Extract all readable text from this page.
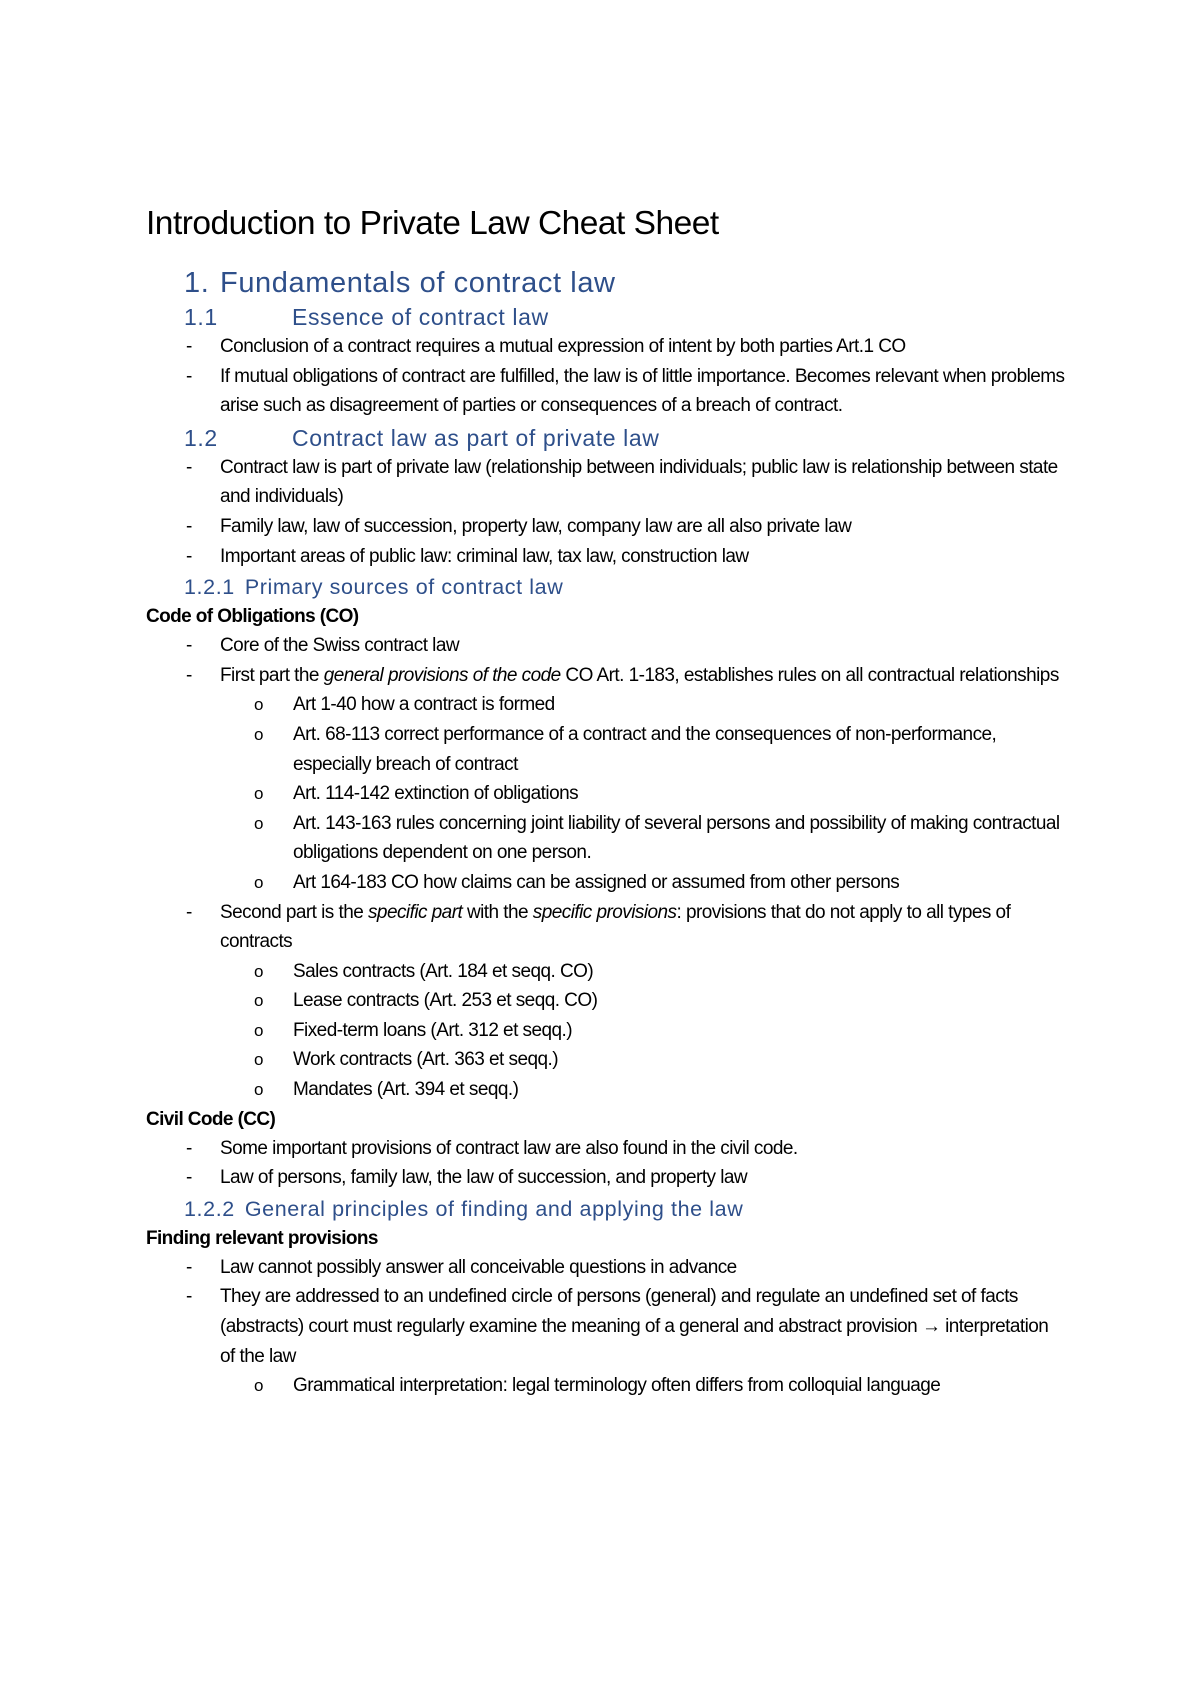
Introduction to Private Law Cheat Sheet
1. Fundamentals of contract law
1.1	Essence of contract law
- Conclusion of a contract requires a mutual expression of intent by both parties Art.1 CO
- If mutual obligations of contract are fulfilled, the law is of little importance. Becomes relevant when problems arise such as disagreement of parties or consequences of a breach of contract.
1.2	Contract law as part of private law
- Contract law is part of private law (relationship between individuals; public law is relationship between state and individuals)
- Family law, law of succession, property law, company law are all also private law
- Important areas of public law: criminal law, tax law, construction law
1.2.1 Primary sources of contract law
Code of Obligations (CO)
- Core of the Swiss contract law
- First part the general provisions of the code CO Art. 1-183, establishes rules on all contractual relationships
o Art 1-40 how a contract is formed
o Art. 68-113 correct performance of a contract and the consequences of non-performance, especially breach of contract
o Art. 114-142 extinction of obligations
o Art. 143-163 rules concerning joint liability of several persons and possibility of making contractual obligations dependent on one person.
o Art 164-183 CO how claims can be assigned or assumed from other persons
- Second part is the specific part with the specific provisions: provisions that do not apply to all types of contracts
o Sales contracts (Art. 184 et seqq. CO)
o Lease contracts (Art. 253 et seqq. CO)
o Fixed-term loans (Art. 312 et seqq.)
o Work contracts (Art. 363 et seqq.)
o Mandates (Art. 394 et seqq.)
Civil Code (CC)
- Some important provisions of contract law are also found in the civil code.
- Law of persons, family law, the law of succession, and property law
1.2.2 General principles of finding and applying the law
Finding relevant provisions
- Law cannot possibly answer all conceivable questions in advance
- They are addressed to an undefined circle of persons (general) and regulate an undefined set of facts (abstracts) court must regularly examine the meaning of a general and abstract provision → interpretation of the law
o Grammatical interpretation: legal terminology often differs from colloquial language
